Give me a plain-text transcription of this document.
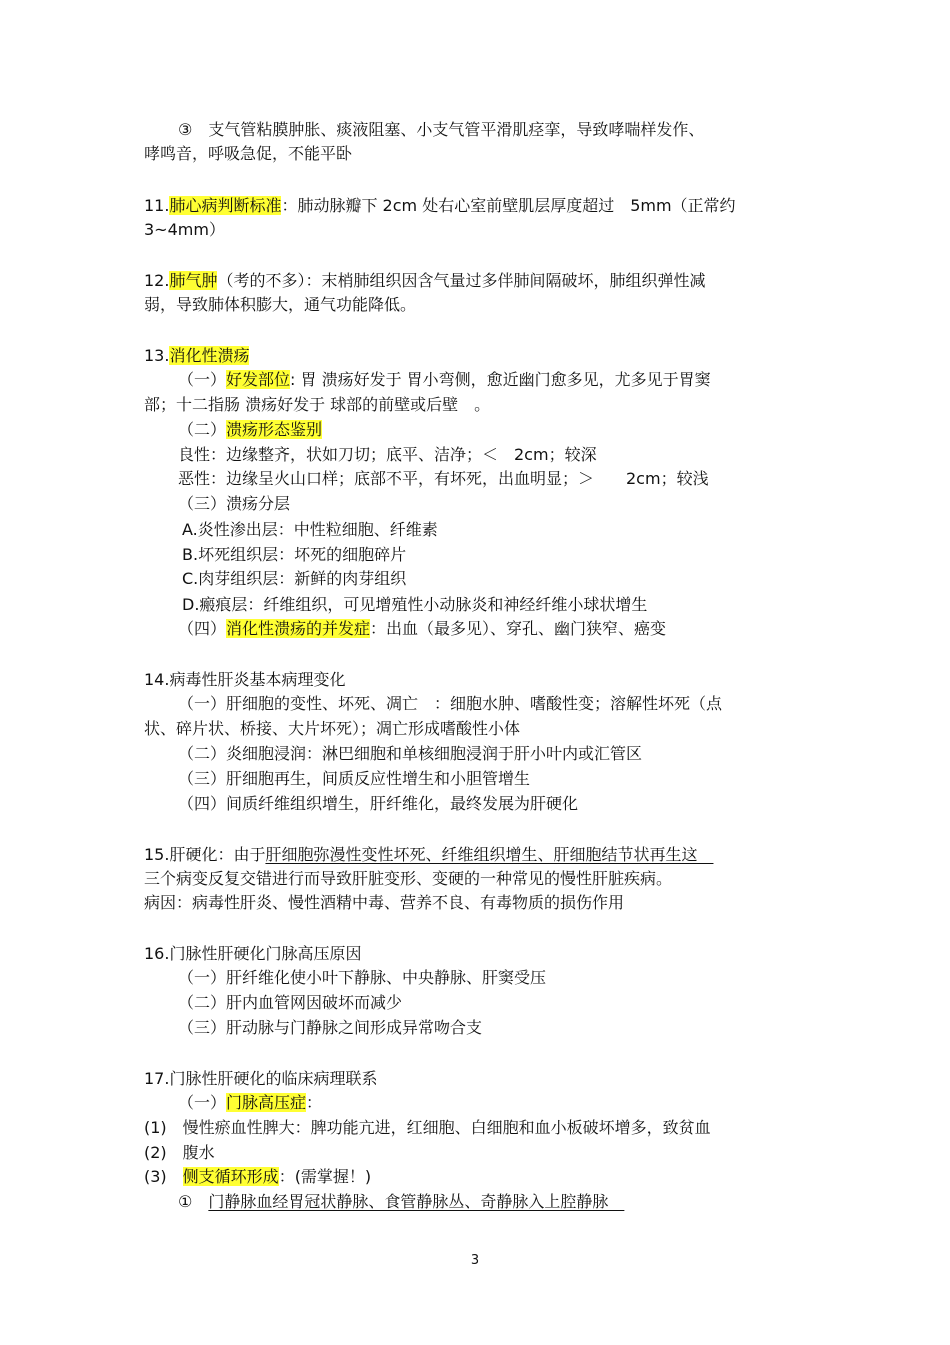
③　支气管粘膜肿胀、痰液阻塞、小支气管平滑肌痉挛，导致哮喘样发作、
哮鸣音，呼吸急促，不能平卧
11.肺心病判断标准：肺动脉瓣下 2cm 处右心室前壁肌层厚度超过　5mm（正常约
3~4mm）
12.肺气肿（考的不多）：末梢肺组织因含气量过多伴肺间隔破坏，肺组织弹性减
弱，导致肺体积膨大，通气功能降低。
13.消化性溃疡
（一）好发部位: 胃 溃疡好发于 胃小弯侧，愈近幽门愈多见，尤多见于胃窦
部；十二指肠 溃疡好发于 球部的前壁或后壁　。
（二）溃疡形态鉴别
良性：边缘整齐，状如刀切；底平、洁净；＜　2cm；较深
恶性：边缘呈火山口样；底部不平，有坏死，出血明显；＞　　2cm；较浅
（三）溃疡分层
A.炎性渗出层：中性粒细胞、纤维素
B.坏死组织层：坏死的细胞碎片
C.肉芽组织层：新鲜的肉芽组织
D.瘢痕层：纤维组织，可见增殖性小动脉炎和神经纤维小球状增生
（四）消化性溃疡的并发症：出血（最多见）、穿孔、幽门狭窄、癌变
14.病毒性肝炎基本病理变化
（一）肝细胞的变性、坏死、凋亡　：细胞水肿、嗜酸性变；溶解性坏死（点
状、碎片状、桥接、大片坏死）；凋亡形成嗜酸性小体
（二）炎细胞浸润：淋巴细胞和单核细胞浸润于肝小叶内或汇管区
（三）肝细胞再生，间质反应性增生和小胆管增生
（四）间质纤维组织增生，肝纤维化，最终发展为肝硬化
15.肝硬化：由于肝细胞弥漫性变性坏死、纤维组织增生、肝细胞结节状再生这　
三个病变反复交错进行而导致肝脏变形、变硬的一种常见的慢性肝脏疾病。
病因：病毒性肝炎、慢性酒精中毒、营养不良、有毒物质的损伤作用
16.门脉性肝硬化门脉高压原因
（一）肝纤维化使小叶下静脉、中央静脉、肝窦受压
（二）肝内血管网因破坏而减少
（三）肝动脉与门静脉之间形成异常吻合支
17.门脉性肝硬化的临床病理联系
（一）门脉高压症：
(1)　慢性瘀血性脾大：脾功能亢进，红细胞、白细胞和血小板破坏增多，致贫血
(2)　腹水
(3)　侧支循环形成：(需掌握！)
①　门静脉血经胃冠状静脉、食管静脉丛、奇静脉入上腔静脉　
3
